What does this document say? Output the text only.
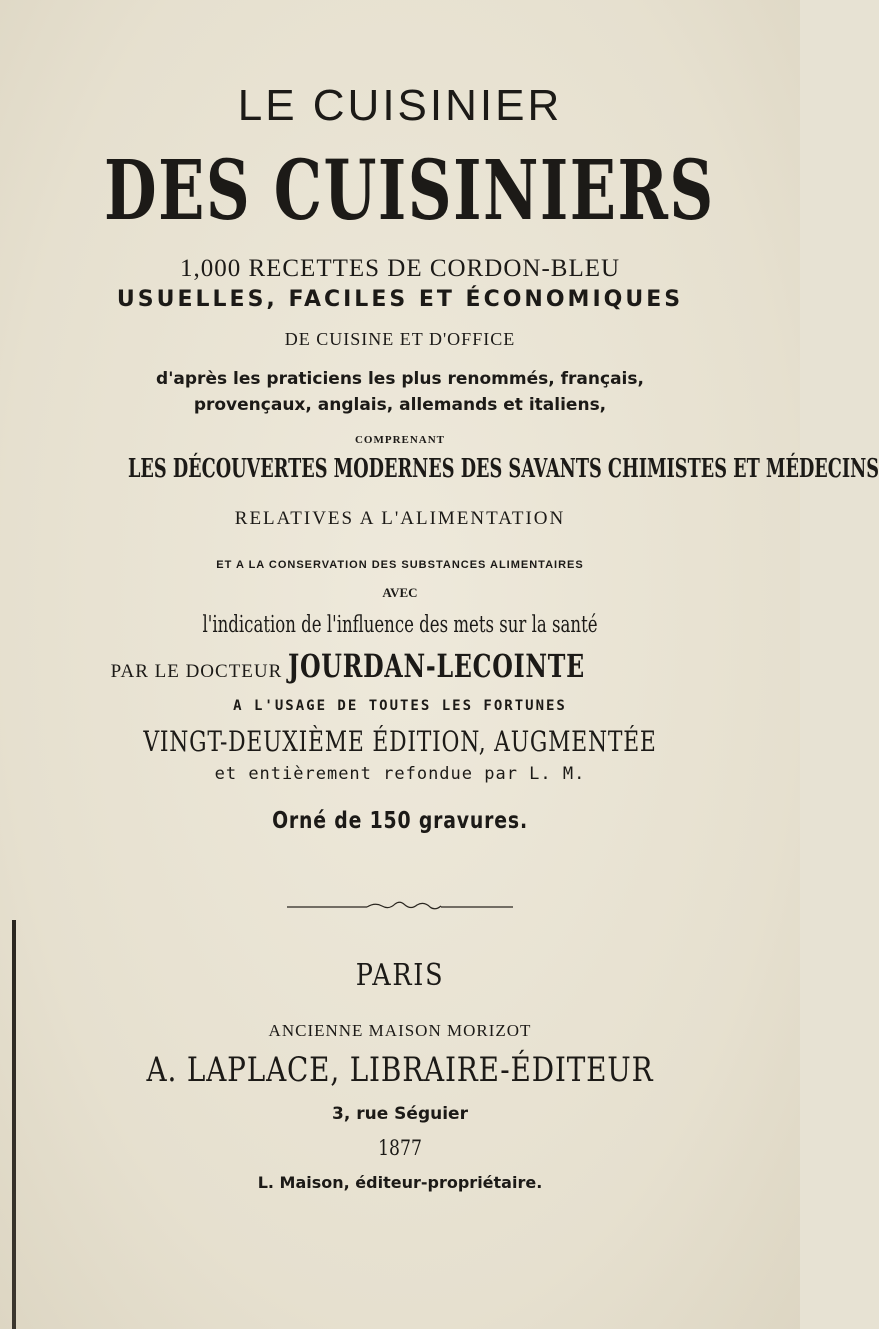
LE CUISINIER
DES CUISINIERS
1,000 RECETTES DE CORDON-BLEU
USUELLES, FACILES ET ÉCONOMIQUES
DE CUISINE ET D'OFFICE
d'après les praticiens les plus renommés, français,
provençaux, anglais, allemands et italiens,
COMPRENANT
LES DÉCOUVERTES MODERNES DES SAVANTS CHIMISTES ET MÉDECINS
RELATIVES A L'ALIMENTATION
ET A LA CONSERVATION DES SUBSTANCES ALIMENTAIRES
AVEC
l'indication de l'influence des mets sur la santé
PAR LE DOCTEUR JOURDAN-LECOINTE
A L'USAGE DE TOUTES LES FORTUNES
VINGT-DEUXIÈME ÉDITION, AUGMENTÉE
et entièrement refondue par L. M.
Orné de 150 gravures.
PARIS
ANCIENNE MAISON MORIZOT
A. LAPLACE, LIBRAIRE-ÉDITEUR
3, rue Séguier
1877
L. Maison, éditeur-propriétaire.
